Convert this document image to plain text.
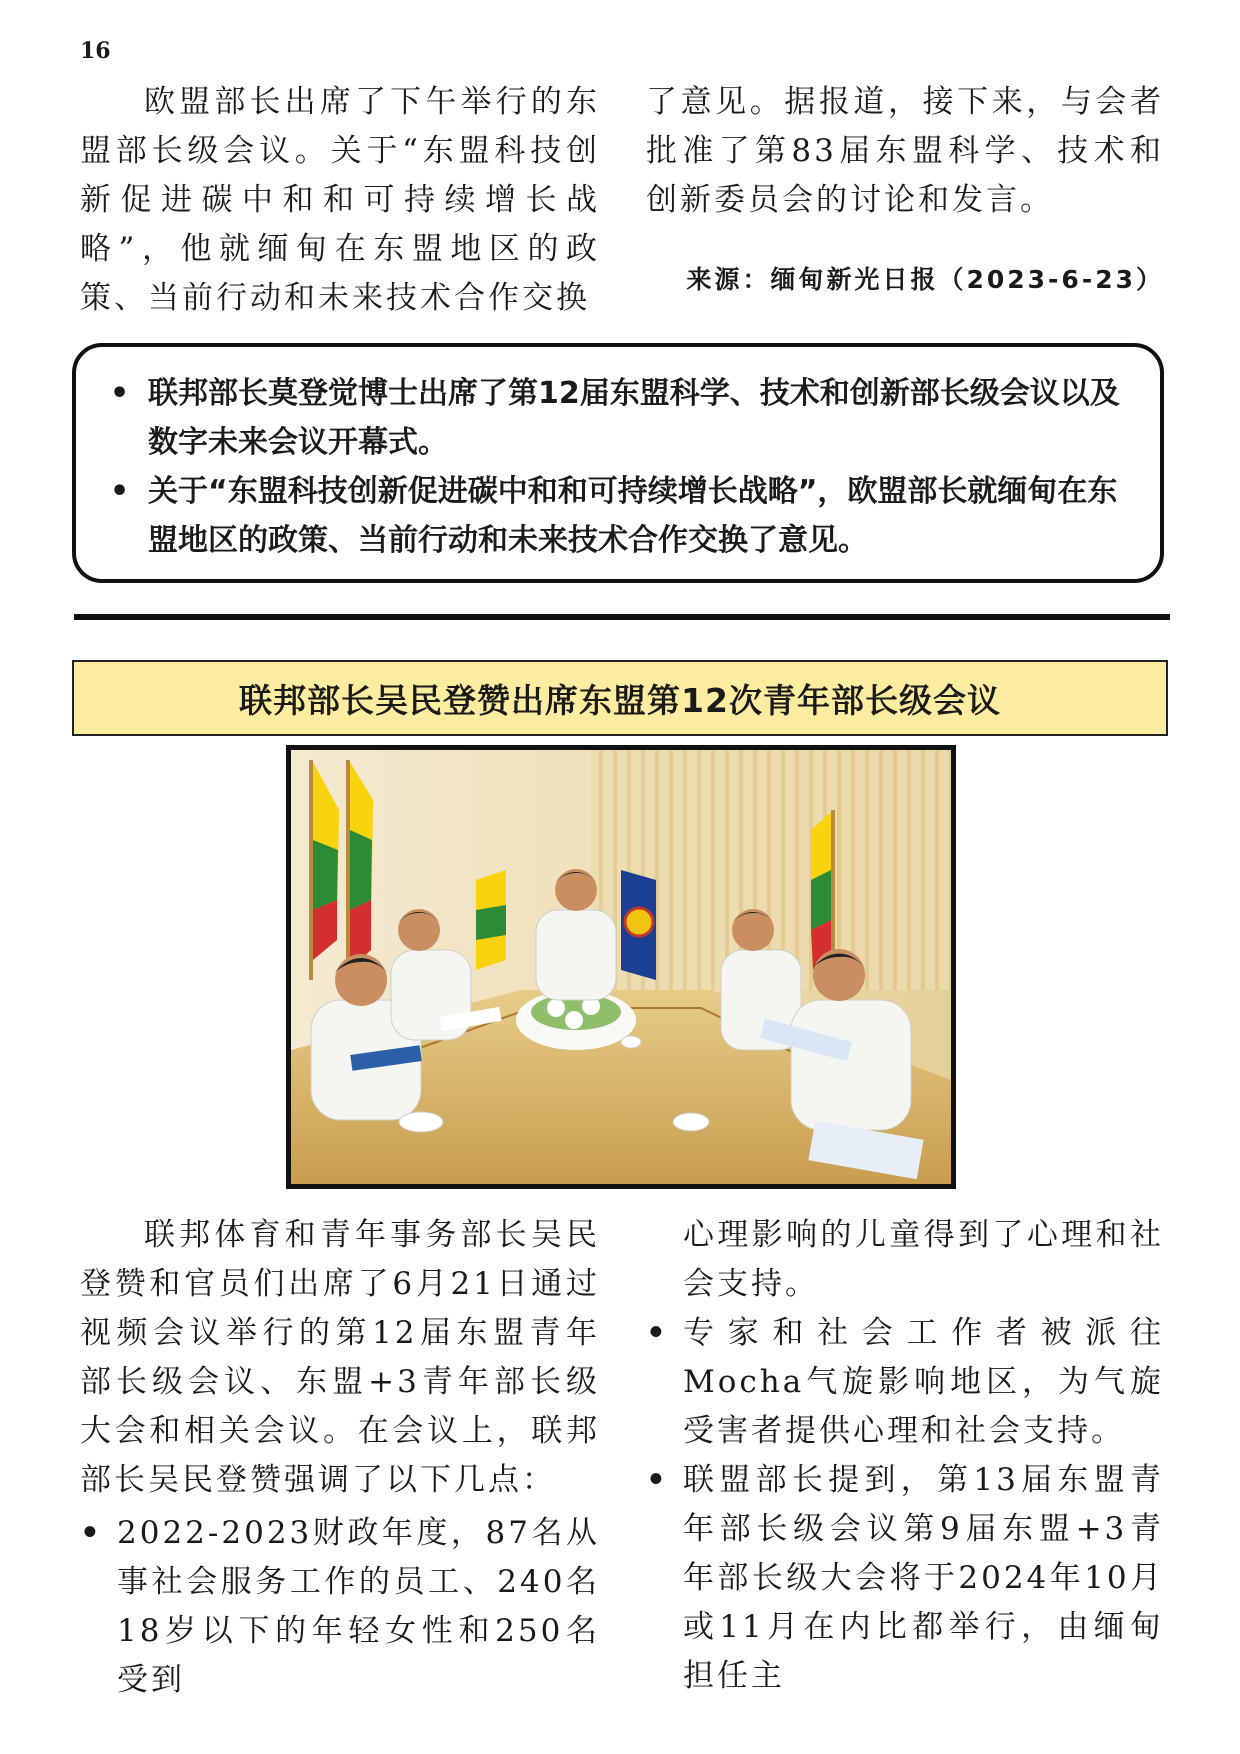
16

欧盟部长出席了下午举行的东盟部长级会议。关于“东盟科技创新促进碳中和和可持续增长战略”，他就缅甸在东盟地区的政策、当前行动和未来技术合作交换

了意见。据报道，接下来，与会者批准了第83届东盟科学、技术和创新委员会的讨论和发言。

来源：缅甸新光日报（2023-6-23）

• 联邦部长莫登觉博士出席了第12届东盟科学、技术和创新部长级会议以及数字未来会议开幕式。
• 关于“东盟科技创新促进碳中和和可持续增长战略”，欧盟部长就缅甸在东盟地区的政策、当前行动和未来技术合作交换了意见。
联邦部长吴民登赞出席东盟第12次青年部长级会议

联邦体育和青年事务部长吴民登赞和官员们出席了6月21日通过视频会议举行的第12届东盟青年部长级会议、东盟+3青年部长级大会和相关会议。在会议上，联邦部长吴民登赞强调了以下几点：

• 2022-2023财政年度，87名从事社会服务工作的员工、240名18岁以下的年轻女性和250名受到

心理影响的儿童得到了心理和社会支持。

• 专家和社会工作者被派往Mocha气旋影响地区，为气旋受害者提供心理和社会支持。
• 联盟部长提到，第13届东盟青年部长级会议第9届东盟+3青年部长级大会将于2024年10月或11月在内比都举行，由缅甸担任主
